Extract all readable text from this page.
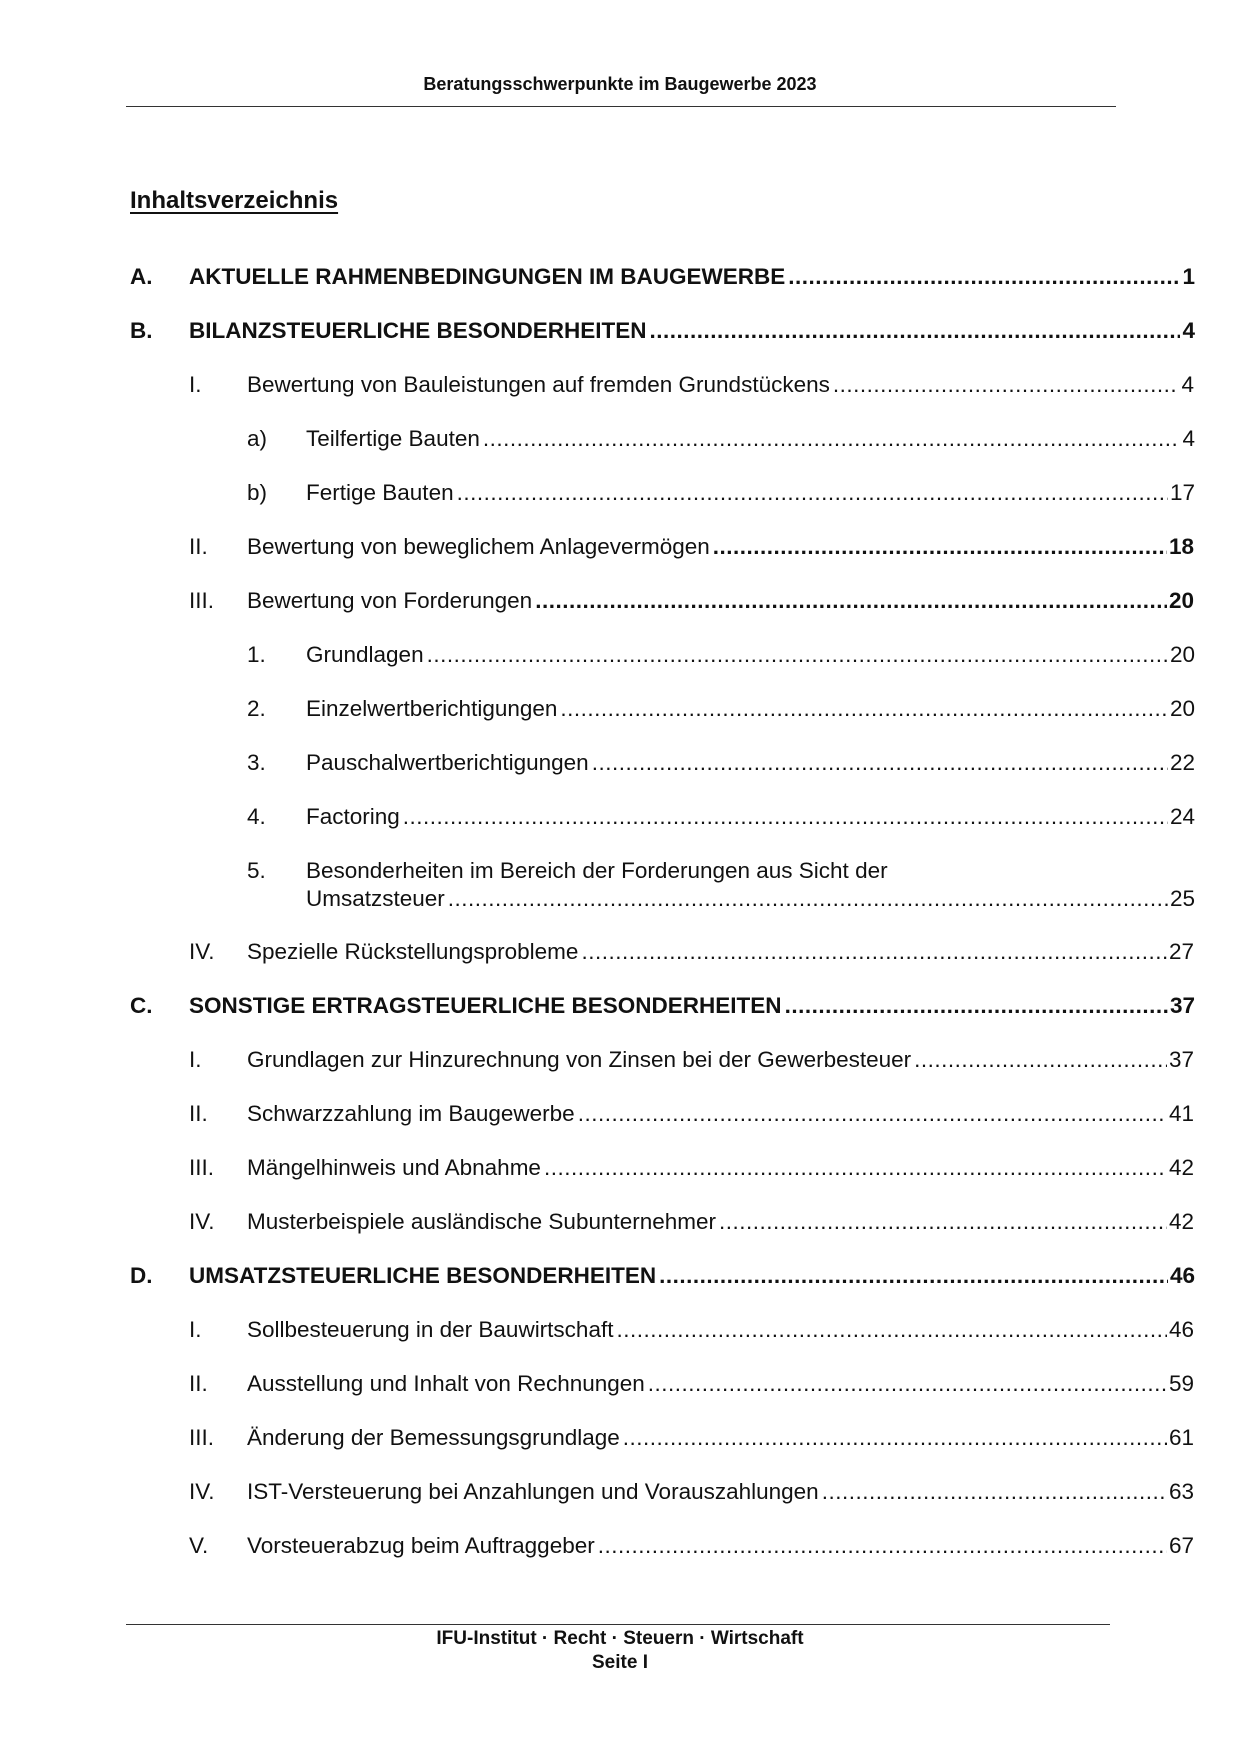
Beratungsschwerpunkte im Baugewerbe 2023
Inhaltsverzeichnis
A. AKTUELLE RAHMENBEDINGUNGEN IM BAUGEWERBE .....	1
B. BILANZSTEUERLICHE BESONDERHEITEN .....	4
I. Bewertung von Bauleistungen auf fremden Grundstückens .....	4
a) Teilfertige Bauten .....	4
b) Fertige Bauten .....	17
II. Bewertung von beweglichem Anlagevermögen .....	18
III. Bewertung von Forderungen .....	20
1. Grundlagen .....	20
2. Einzelwertberichtigungen .....	20
3. Pauschalwertberichtigungen .....	22
4. Factoring .....	24
5. Besonderheiten im Bereich der Forderungen aus Sicht der
Umsatzsteuer .....	25
IV. Spezielle Rückstellungsprobleme .....	27
C. SONSTIGE ERTRAGSTEUERLICHE BESONDERHEITEN .....	37
I. Grundlagen zur Hinzurechnung von Zinsen bei der Gewerbesteuer .....	37
II. Schwarzzahlung im Baugewerbe .....	41
III. Mängelhinweis und Abnahme .....	42
IV. Musterbeispiele ausländische Subunternehmer .....	42
D. UMSATZSTEUERLICHE BESONDERHEITEN .....	46
I. Sollbesteuerung in der Bauwirtschaft .....	46
II. Ausstellung und Inhalt von Rechnungen .....	59
III. Änderung der Bemessungsgrundlage .....	61
IV. IST-Versteuerung bei Anzahlungen und Vorauszahlungen .....	63
V. Vorsteuerabzug beim Auftraggeber .....	67
IFU-Institut · Recht · Steuern · Wirtschaft
Seite I
